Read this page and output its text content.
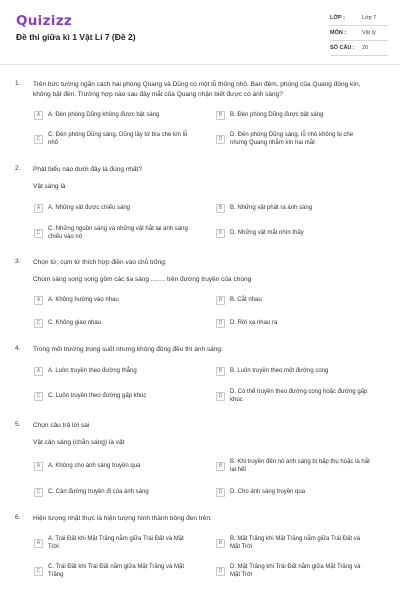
Quizizz
Đề thi giữa kì 1 Vật Lí 7 (Đề 2)
LỚP :	Lớp 7
MÔN :	Vật lý
SỐ CÂU :	20
1. Trên bức tường ngăn cách hai phòng Quang và Dũng có một lỗ thông nhỏ. Ban đêm, phòng của Quang đóng kín,
không bật đèn. Trường hợp nào sau đây mắt của Quang nhận biết được có ánh sáng?
A	A. Đèn phòng Dũng không được bật sáng	B	B. Đèn phòng Dũng được bật sáng
C
C. Đèn phòng Dũng sáng, Dũng lấy tờ bìa che kín lỗ nhỏ
D
D. Đèn phòng Dũng sáng, lỗ nhỏ không bị che nhưng Quang nhắm kín hai mắt
2. Phát biểu nào dưới đây là đúng nhất?
Vật sáng là
A	A. Những vật được chiếu sáng	B	B. Những vật phát ra ánh sáng
C
C. Những nguồn sáng và những vật hắt lại ánh sáng chiếu vào nó
D	D. Những vật mắt nhìn thấy
3. Chọn từ, cụm từ thích hợp điền vào chỗ trống:
Chùm sáng song song gồm các tia sáng ........ trên đường truyền của chúng
A	A. Không hướng vào nhau	B	B. Cắt nhau
C	C. Không giao nhau	D	D. Rời xa nhau ra
4. Trong môi trường trong suốt nhưng không đồng đều thì ánh sáng:
A	A. Luôn truyền theo đường thẳng	B	B. Luôn truyền theo một đường cong
C	C. Luôn truyền theo đường gấp khúc	D
D. Có thể truyền theo đường cong hoặc đường gấp khúc
5. Chọn câu trả lời sai
Vật cản sáng (chắn sáng) là vật
A	A. Không cho ánh sáng truyền qua	B
B. Khi truyền đến nó ánh sáng bị hấp thụ hoặc là hắt lại hết
C	C. Cản đường truyền đi của ánh sáng	D	D. Cho ánh sáng truyền qua
6. Hiện tượng nhật thực là hiện tượng hình thành bóng đen trên:
A
A. Trái Đất khi Mặt Trăng nằm giữa Trái Đất và Mặt Trời
B
B. Mặt Trăng khi Mặt Trăng nằm giữa Trái Đất và Mặt Trời
C
C. Trái Đất khi Trái Đất nằm giữa Mặt Trăng và Mặt Trăng
D
D. Mặt Trăng khi Trái Đất nằm giữa Mặt Trăng và Mặt Trời
